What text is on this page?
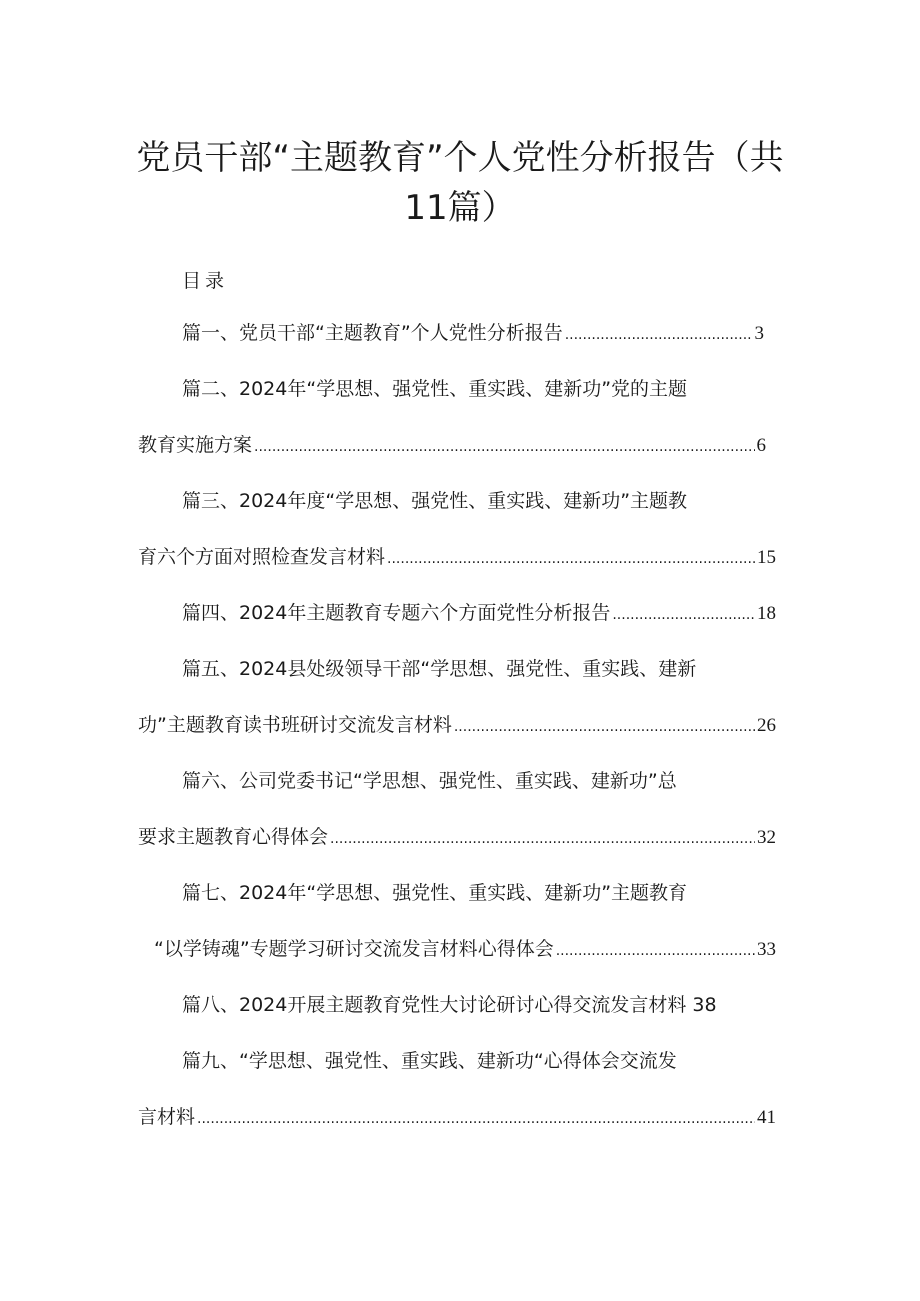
党员干部“主题教育”个人党性分析报告（共
11篇）
目录
篇一、党员干部“主题教育”个人党性分析报告 .....	3
篇二、2024年“学思想、强党性、重实践、建新功”党的主题
教育实施方案 .....	6
篇三、2024年度“学思想、强党性、重实践、建新功”主题教
育六个方面对照检查发言材料 .....	15
篇四、2024年主题教育专题六个方面党性分析报告 .....	18
篇五、2024县处级领导干部“学思想、强党性、重实践、建新
功”主题教育读书班研讨交流发言材料 .....	26
篇六、公司党委书记“学思想、强党性、重实践、建新功”总
要求主题教育心得体会 .....	32
篇七、2024年“学思想、强党性、重实践、建新功”主题教育
“以学铸魂”专题学习研讨交流发言材料心得体会 .....	33
篇八、2024开展主题教育党性大讨论研讨心得交流发言材料 38
篇九、“学思想、强党性、重实践、建新功“心得体会交流发
言材料 .....	41
